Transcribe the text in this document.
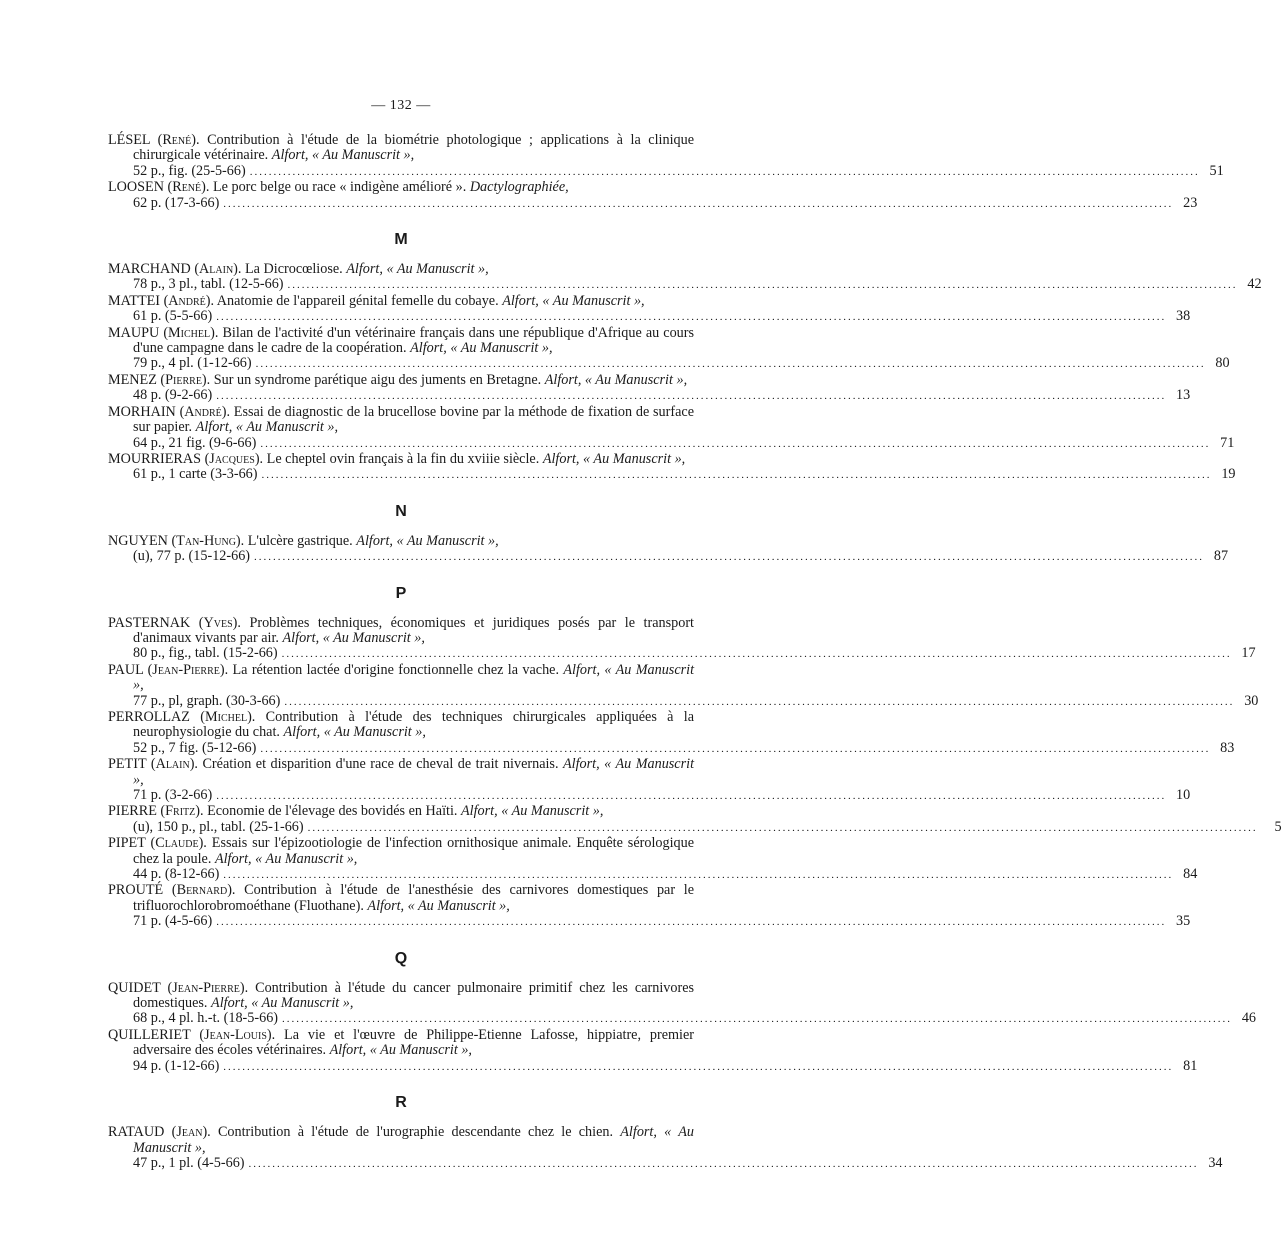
— 132 —
LÉSEL (René). Contribution à l'étude de la biométrie photologique ; applications à la clinique chirurgicale vétérinaire. Alfort, « Au Manuscrit »,
52 p., fig. (25-5-66) ........................................................................................................................................................................................................ 51
LOOSEN (René). Le porc belge ou race « indigène amélioré ». Dactylographiée,
62 p. (17-3-66) ........................................................................................................................................................................................................ 23
M
MARCHAND (Alain). La Dicrocœliose. Alfort, « Au Manuscrit »,
78 p., 3 pl., tabl. (12-5-66) ........................................................................................................................................................................................................ 42
MATTEI (André). Anatomie de l'appareil génital femelle du cobaye. Alfort, « Au Manuscrit »,
61 p. (5-5-66) ........................................................................................................................................................................................................ 38
MAUPU (Michel). Bilan de l'activité d'un vétérinaire français dans une république d'Afrique au cours d'une campagne dans le cadre de la coopération. Alfort, « Au Manuscrit »,
79 p., 4 pl. (1-12-66) ........................................................................................................................................................................................................ 80
MENEZ (Pierre). Sur un syndrome parétique aigu des juments en Bretagne. Alfort, « Au Manuscrit »,
48 p. (9-2-66) ........................................................................................................................................................................................................ 13
MORHAIN (André). Essai de diagnostic de la brucellose bovine par la méthode de fixation de surface sur papier. Alfort, « Au Manuscrit »,
64 p., 21 fig. (9-6-66) ........................................................................................................................................................................................................ 71
MOURRIERAS (Jacques). Le cheptel ovin français à la fin du xviiie siècle. Alfort, « Au Manuscrit »,
61 p., 1 carte (3-3-66) ........................................................................................................................................................................................................ 19
N
NGUYEN (Tan-Hung). L'ulcère gastrique. Alfort, « Au Manuscrit »,
(u), 77 p. (15-12-66) ........................................................................................................................................................................................................ 87
P
PASTERNAK (Yves). Problèmes techniques, économiques et juridiques posés par le transport d'animaux vivants par air. Alfort, « Au Manuscrit »,
80 p., fig., tabl. (15-2-66) ........................................................................................................................................................................................................ 17
PAUL (Jean-Pierre). La rétention lactée d'origine fonctionnelle chez la vache. Alfort, « Au Manuscrit »,
77 p., pl, graph. (30-3-66) ........................................................................................................................................................................................................ 30
PERROLLAZ (Michel). Contribution à l'étude des techniques chirurgicales appliquées à la neurophysiologie du chat. Alfort, « Au Manuscrit »,
52 p., 7 fig. (5-12-66) ........................................................................................................................................................................................................ 83
PETIT (Alain). Création et disparition d'une race de cheval de trait nivernais. Alfort, « Au Manuscrit »,
71 p. (3-2-66) ........................................................................................................................................................................................................ 10
PIERRE (Fritz). Economie de l'élevage des bovidés en Haïti. Alfort, « Au Manuscrit »,
(u), 150 p., pl., tabl. (25-1-66) ........................................................................................................................................................................................................	5
PIPET (Claude). Essais sur l'épizootiologie de l'infection ornithosique animale. Enquête sérologique chez la poule. Alfort, « Au Manuscrit »,
44 p. (8-12-66) ........................................................................................................................................................................................................ 84
PROUTÉ (Bernard). Contribution à l'étude de l'anesthésie des carnivores domestiques par le trifluorochlorobromoéthane (Fluothane). Alfort, « Au Manuscrit »,
71 p. (4-5-66) ........................................................................................................................................................................................................ 35
Q
QUIDET (Jean-Pierre). Contribution à l'étude du cancer pulmonaire primitif chez les carnivores domestiques. Alfort, « Au Manuscrit »,
68 p., 4 pl. h.-t. (18-5-66) ........................................................................................................................................................................................................ 46
QUILLERIET (Jean-Louis). La vie et l'œuvre de Philippe-Etienne Lafosse, hippiatre, premier adversaire des écoles vétérinaires. Alfort, « Au Manuscrit »,
94 p. (1-12-66) ........................................................................................................................................................................................................ 81
R
RATAUD (Jean). Contribution à l'étude de l'urographie descendante chez le chien. Alfort, « Au Manuscrit »,
47 p., 1 pl. (4-5-66) ........................................................................................................................................................................................................ 34
